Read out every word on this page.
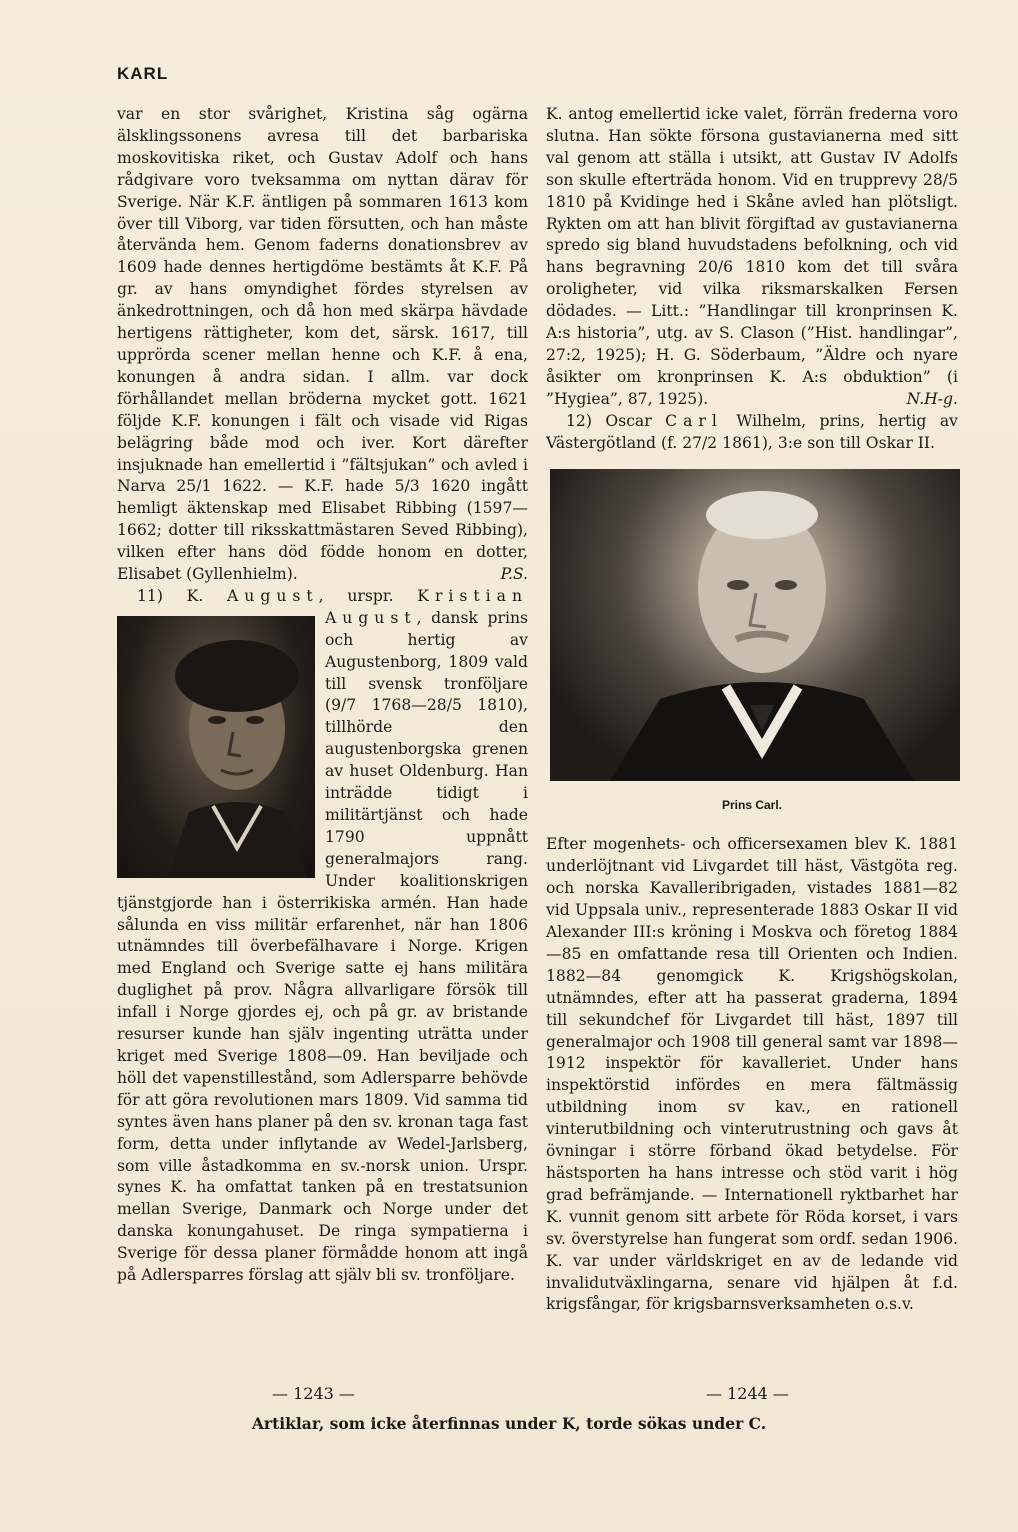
KARL

var en stor svårighet, Kristina såg ogärna älsklingssonens avresa till det barbariska moskovitiska riket, och Gustav Adolf och hans rådgivare voro tveksamma om nyttan därav för Sverige. När K.F. äntligen på sommaren 1613 kom över till Viborg, var tiden försutten, och han måste återvända hem. Genom faderns donationsbrev av 1609 hade dennes hertigdöme bestämts åt K.F. På gr. av hans omyndighet fördes styrelsen av änkedrottningen, och då hon med skärpa hävdade hertigens rättigheter, kom det, särsk. 1617, till upprörda scener mellan henne och K.F. å ena, konungen å andra sidan. I allm. var dock förhållandet mellan bröderna mycket gott. 1621 följde K.F. konungen i fält och visade vid Rigas belägring både mod och iver. Kort därefter insjuknade han emellertid i ”fältsjukan” och avled i Narva 25/1 1622. — K.F. hade 5/3 1620 ingått hemligt äktenskap med Elisabet Ribbing (1597—1662; dotter till riksskattmästaren Seved Ribbing), vilken efter hans död födde honom en dotter, Elisabet (Gyllenhielm).	P.S.

11) K. August, urspr. Kristian August
, dansk prins och hertig av Augustenborg, 1809 vald till svensk tronföljare (9/7 1768—28/5 1810), tillhörde den augustenborgska grenen av huset Oldenburg. Han inträdde tidigt i militärtjänst och hade 1790 uppnått generalmajors rang. Under koalitionskrigen tjänstgjorde han i österrikiska armén. Han hade sålunda en viss militär erfarenhet, när han 1806 utnämndes till överbefälhavare i Norge. Krigen med England och Sverige satte ej hans militära duglighet på prov. Några allvarligare försök till infall i Norge gjordes ej, och på gr. av bristande resurser kunde han själv ingenting uträtta under kriget med Sverige 1808—09. Han beviljade och höll det vapenstillestånd, som Adlersparre behövde för att göra revolutionen mars 1809. Vid samma tid syntes även hans planer på den sv. kronan taga fast form, detta under inflytande av Wedel-Jarlsberg, som ville åstadkomma en sv.-norsk union. Urspr. synes K. ha omfattat tanken på en trestatsunion mellan Sverige, Danmark och Norge under det danska konungahuset. De ringa sympatierna i Sverige för dessa planer förmådde honom att ingå på Adlersparres förslag att själv bli sv. tronföljare.

K. antog emellertid icke valet, förrän frederna voro slutna. Han sökte försona gustavianerna med sitt val genom att ställa i utsikt, att Gustav IV Adolfs son skulle efterträda honom. Vid en trupprevy 28/5 1810 på Kvidinge hed i Skåne avled han plötsligt. Rykten om att han blivit förgiftad av gustavianerna spredo sig bland huvudstadens befolkning, och vid hans begravning 20/6 1810 kom det till svåra oroligheter, vid vilka riksmarskalken Fersen dödades. — Litt.: ”Handlingar till kronprinsen K. A:s historia”, utg. av S. Clason (”Hist. handlingar”, 27:2, 1925); H. G. Söderbaum, ”Äldre och nyare åsikter om kronprinsen K. A:s obduktion” (i ”Hygiea”, 87, 1925).	N.H-g.

12) Oscar Carl Wilhelm, prins, hertig av Västergötland (f. 27/2 1861), 3:e son till Oskar II.

Prins Carl.

Efter mogenhets- och officersexamen blev K. 1881 underlöjtnant vid Livgardet till häst, Västgöta reg. och norska Kavalleribrigaden, vistades 1881—82 vid Uppsala univ., representerade 1883 Oskar II vid Alexander III:s kröning i Moskva och företog 1884—85 en omfattande resa till Orienten och Indien. 1882—84 genomgick K. Krigshögskolan, utnämndes, efter att ha passerat graderna, 1894 till sekundchef för Livgardet till häst, 1897 till generalmajor och 1908 till general samt var 1898—1912 inspektör för kavalleriet. Under hans inspektörstid infördes en mera fältmässig utbildning inom sv kav., en rationell vinterutbildning och vinterutrustning och gavs åt övningar i större förband ökad betydelse. För hästsporten ha hans intresse och stöd varit i hög grad befrämjande. — Internationell ryktbarhet har K. vunnit genom sitt arbete för Röda korset, i vars sv. överstyrelse han fungerat som ordf. sedan 1906. K. var under världskriget en av de ledande vid invalidutväxlingarna, senare vid hjälpen åt f.d. krigsfångar, för krigsbarnsverksamheten o.s.v.

— 1243 —	— 1244 —
Artiklar, som icke återfinnas under K, torde sökas under C.
